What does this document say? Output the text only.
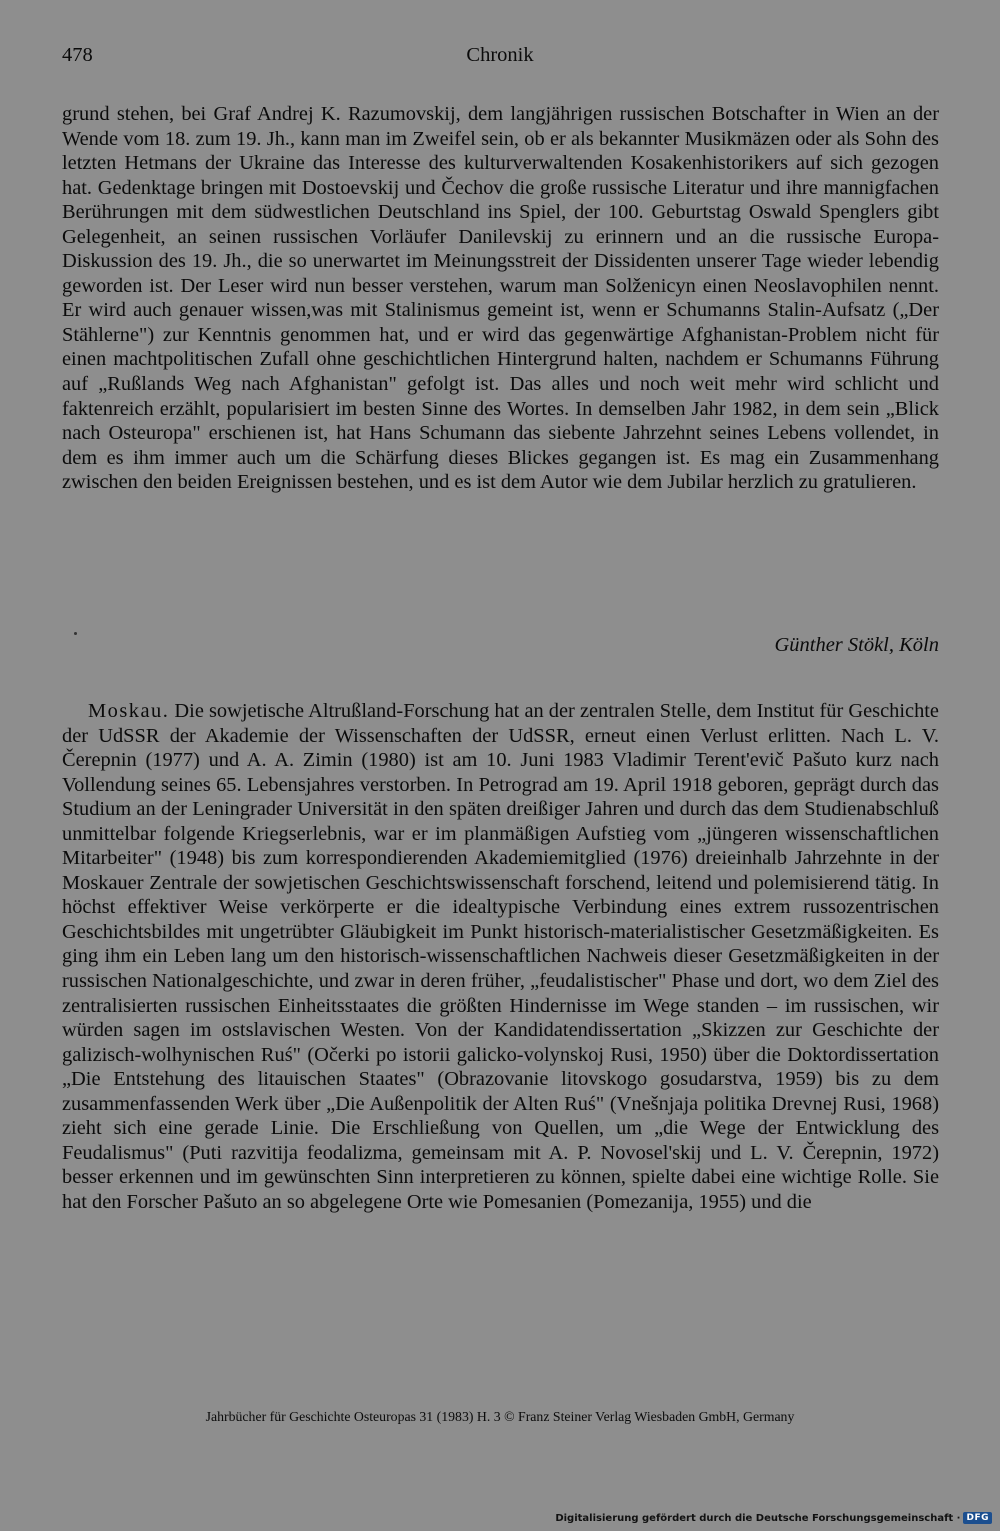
478	Chronik

grund stehen, bei Graf Andrej K. Razumovskij, dem langjährigen russischen Botschafter in Wien an der Wende vom 18. zum 19. Jh., kann man im Zweifel sein, ob er als bekannter Musikmäzen oder als Sohn des letzten Hetmans der Ukraine das Interesse des kulturverwaltenden Kosakenhistorikers auf sich gezogen hat. Gedenktage bringen mit Dostoevskij und Čechov die große russische Literatur und ihre mannigfachen Berührungen mit dem südwestlichen Deutschland ins Spiel, der 100. Geburtstag Oswald Spenglers gibt Gelegenheit, an seinen russischen Vorläufer Danilevskij zu erinnern und an die russische Europa-Diskussion des 19. Jh., die so unerwartet im Meinungsstreit der Dissidenten unserer Tage wieder lebendig geworden ist. Der Leser wird nun besser verstehen, warum man Solženicyn einen Neoslavophilen nennt. Er wird auch genauer wissen,was mit Stalinismus gemeint ist, wenn er Schumanns Stalin-Aufsatz („Der Stählerne") zur Kenntnis genommen hat, und er wird das gegenwärtige Afghanistan-Problem nicht für einen machtpolitischen Zufall ohne geschichtlichen Hintergrund halten, nachdem er Schumanns Führung auf „Rußlands Weg nach Afghanistan" gefolgt ist. Das alles und noch weit mehr wird schlicht und faktenreich erzählt, popularisiert im besten Sinne des Wortes. In demselben Jahr 1982, in dem sein „Blick nach Osteuropa" erschienen ist, hat Hans Schumann das siebente Jahrzehnt seines Lebens vollendet, in dem es ihm immer auch um die Schärfung dieses Blickes gegangen ist. Es mag ein Zusammenhang zwischen den beiden Ereignissen bestehen, und es ist dem Autor wie dem Jubilar herzlich zu gratulieren.

Günther Stökl, Köln

Moskau. Die sowjetische Altrußland-Forschung hat an der zentralen Stelle, dem Institut für Geschichte der UdSSR der Akademie der Wissenschaften der UdSSR, erneut einen Verlust erlitten. Nach L. V. Čerepnin (1977) und A. A. Zimin (1980) ist am 10. Juni 1983 Vladimir Terent'evič Pašuto kurz nach Vollendung seines 65. Lebensjahres verstorben. In Petrograd am 19. April 1918 geboren, geprägt durch das Studium an der Leningrader Universität in den späten dreißiger Jahren und durch das dem Studienabschluß unmittelbar folgende Kriegserlebnis, war er im planmäßigen Aufstieg vom „jüngeren wissenschaftlichen Mitarbeiter" (1948) bis zum korrespondierenden Akademiemitglied (1976) dreieinhalb Jahrzehnte in der Moskauer Zentrale der sowjetischen Geschichtswissenschaft forschend, leitend und polemisierend tätig. In höchst effektiver Weise verkörperte er die idealtypische Verbindung eines extrem russozentrischen Geschichtsbildes mit ungetrübter Gläubigkeit im Punkt historisch-materialistischer Gesetzmäßigkeiten. Es ging ihm ein Leben lang um den historisch-wissenschaftlichen Nachweis dieser Gesetzmäßigkeiten in der russischen Nationalgeschichte, und zwar in deren früher, „feudalistischer" Phase und dort, wo dem Ziel des zentralisierten russischen Einheitsstaates die größten Hindernisse im Wege standen – im russischen, wir würden sagen im ostslavischen Westen. Von der Kandidatendissertation „Skizzen zur Geschichte der galizisch-wolhynischen Ruś" (Očerki po istorii galicko-volynskoj Rusi, 1950) über die Doktordissertation „Die Entstehung des litauischen Staates" (Obrazovanie litovskogo gosudarstva, 1959) bis zu dem zusammenfassenden Werk über „Die Außenpolitik der Alten Ruś" (Vnešnjaja politika Drevnej Rusi, 1968) zieht sich eine gerade Linie. Die Erschließung von Quellen, um „die Wege der Entwicklung des Feudalismus" (Puti razvitija feodalizma, gemeinsam mit A. P. Novosel'skij und L. V. Čerepnin, 1972) besser erkennen und im gewünschten Sinn interpretieren zu können, spielte dabei eine wichtige Rolle. Sie hat den Forscher Pašuto an so abgelegene Orte wie Pomesanien (Pomezanija, 1955) und die

Jahrbücher für Geschichte Osteuropas 31 (1983) H. 3 © Franz Steiner Verlag Wiesbaden GmbH, Germany
Digitalisierung gefördert durch die Deutsche Forschungsgemeinschaft · DFG
